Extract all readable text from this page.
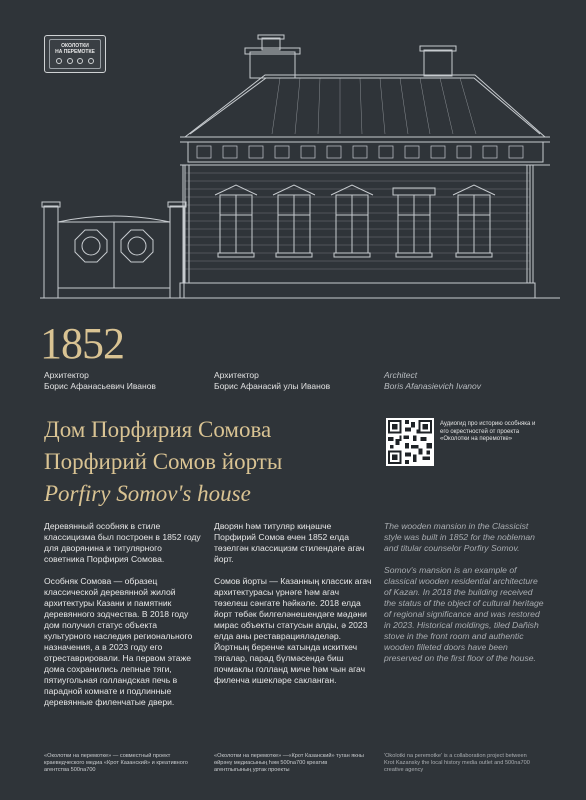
ОКОЛОТКИ
НА ПЕРЕМОТКЕ
1852
Архитектор
Борис Афанасьевич Иванов
Архитектор
Борис Афанасий улы Иванов
Architect
Boris Afanasievich Ivanov
Дом Порфирия Сомова
Порфирий Сомов йорты
Porfiry Somov's house
Аудиогид про историю особняка и его окрестностей от проекта «Околотки на перемотке»

Деревянный особняк в стиле классицизма был построен в 1852 году для дворянина и титулярного советника Порфирия Сомова.

Особняк Сомова — образец классической деревянной жилой архитектуры Казани и памятник деревянного зодчества. В 2018 году дом получил статус объекта культурного наследия регионального назначения, а в 2023 году его отреставрировали. На первом этаже дома сохранились лепные тяги, пятиугольная голландская печь в парадной комнате и подлинные деревянные филенчатые двери.

Дворян һәм титуляр киңәшче Порфирий Сомов өчен 1852 елда төзелгән классицизм стилендәге агач йорт.

Сомов йорты — Казанның классик агач архитектурасы үрнәге һәм агач төзелеш сәнгате һәйкәле. 2018 елда йорт төбәк билгеләнешендәге мәдәни мирас объекты статусын алды, ә 2023 елда аны реставрацияләделәр. Йортның беренче катында искиткеч тягалар, парад бүлмәсендә биш почмаклы голланд миче һәм чын агач филенча ишекләре сакланган.

The wooden mansion in the Classicist style was built in 1852 for the nobleman and titular counselor Porfiry Somov.

Somov's mansion is an example of classical wooden residential architecture of Kazan. In 2018 the building received the status of the object of cultural heritage of regional significance and was restored in 2023. Historical moldings, tiled Dañish stove in the front room and authentic wooden filleted doors have been preserved on the first floor of the house.

«Околотки на перемотке» — совместный проект краеведческого медиа «Крот Казанский» и креативного агентства 500na700
«Околотки на перемотке» —«Крот Казанский» туган якны өйрәнү медиасының һәм 500na700 креатив агентлыгының уртак проекты
'Okolotki na peremotke' is a collaboration project between Krot Kazansky the local history media outlet and 500na700 creative agency
